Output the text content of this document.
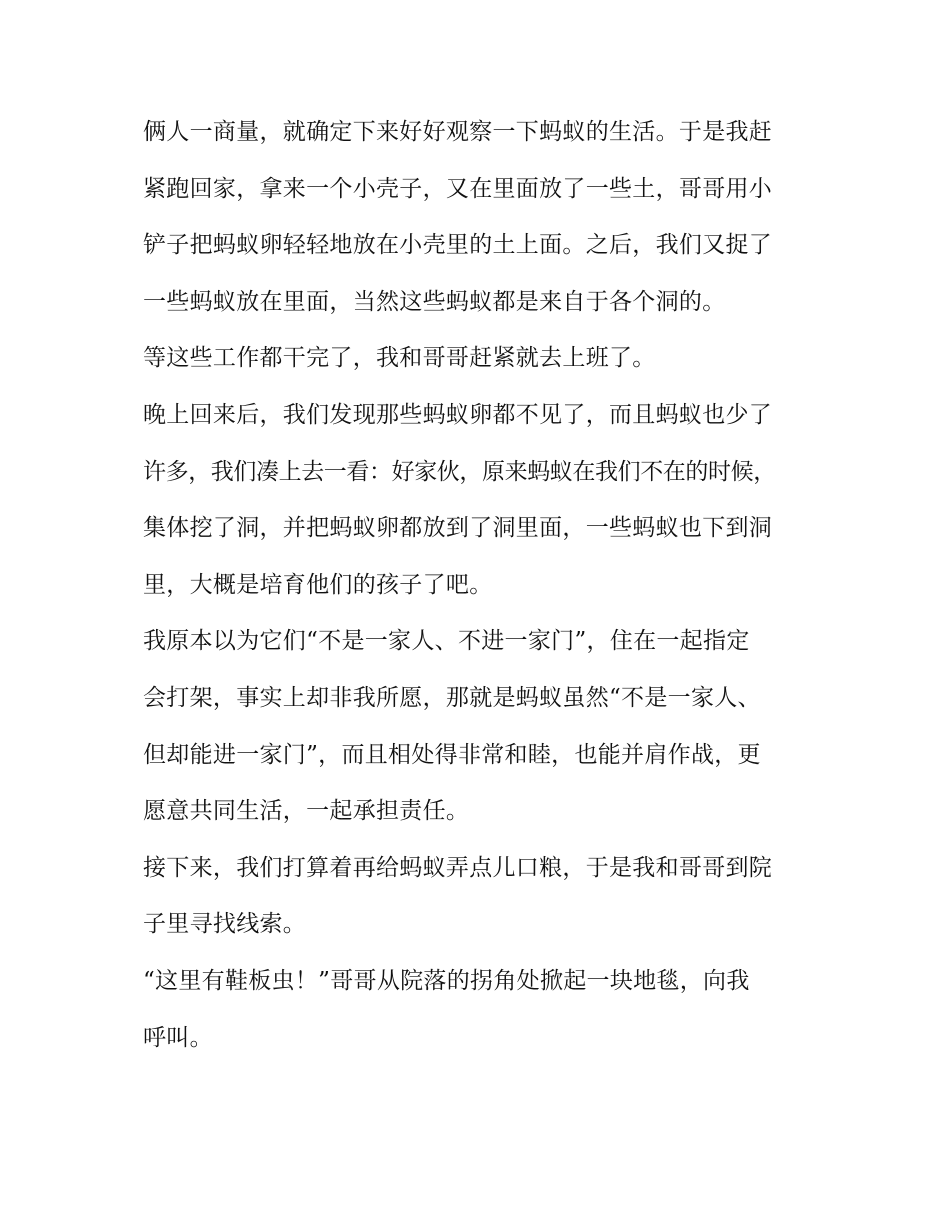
俩人一商量，就确定下来好好观察一下蚂蚁的生活。于是我赶
紧跑回家，拿来一个小壳子，又在里面放了一些土，哥哥用小
铲子把蚂蚁卵轻轻地放在小壳里的土上面。之后，我们又捉了
一些蚂蚁放在里面，当然这些蚂蚁都是来自于各个洞的。
等这些工作都干完了，我和哥哥赶紧就去上班了。
晚上回来后，我们发现那些蚂蚁卵都不见了，而且蚂蚁也少了
许多，我们凑上去一看：好家伙，原来蚂蚁在我们不在的时候，
集体挖了洞，并把蚂蚁卵都放到了洞里面，一些蚂蚁也下到洞
里，大概是培育他们的孩子了吧。
我原本以为它们“不是一家人、不进一家门”，住在一起指定
会打架，事实上却非我所愿，那就是蚂蚁虽然“不是一家人、
但却能进一家门”，而且相处得非常和睦，也能并肩作战，更
愿意共同生活，一起承担责任。
接下来，我们打算着再给蚂蚁弄点儿口粮，于是我和哥哥到院
子里寻找线索。
“这里有鞋板虫！”哥哥从院落的拐角处掀起一块地毯，向我
呼叫。
